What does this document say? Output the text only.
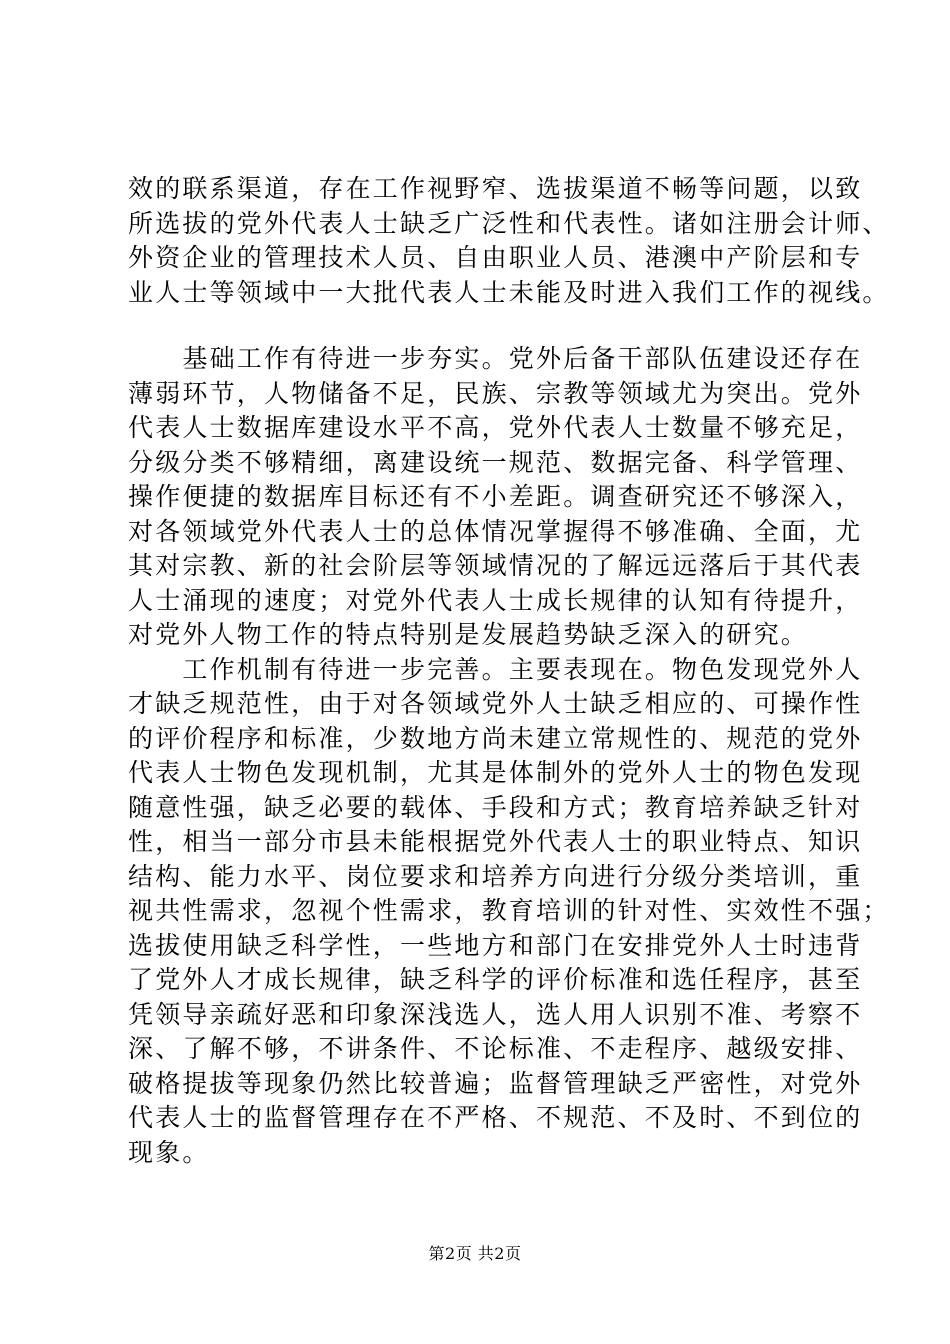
效的联系渠道，存在工作视野窄、选拔渠道不畅等问题，以致
所选拔的党外代表人士缺乏广泛性和代表性。诸如注册会计师、
外资企业的管理技术人员、自由职业人员、港澳中产阶层和专
业人士等领域中一大批代表人士未能及时进入我们工作的视线。
　　基础工作有待进一步夯实。党外后备干部队伍建设还存在
薄弱环节，人物储备不足，民族、宗教等领域尤为突出。党外
代表人士数据库建设水平不高，党外代表人士数量不够充足，
分级分类不够精细，离建设统一规范、数据完备、科学管理、
操作便捷的数据库目标还有不小差距。调查研究还不够深入，
对各领域党外代表人士的总体情况掌握得不够准确、全面，尤
其对宗教、新的社会阶层等领域情况的了解远远落后于其代表
人士涌现的速度；对党外代表人士成长规律的认知有待提升，
对党外人物工作的特点特别是发展趋势缺乏深入的研究。
　　工作机制有待进一步完善。主要表现在。物色发现党外人
才缺乏规范性，由于对各领域党外人士缺乏相应的、可操作性
的评价程序和标准，少数地方尚未建立常规性的、规范的党外
代表人士物色发现机制，尤其是体制外的党外人士的物色发现
随意性强，缺乏必要的载体、手段和方式；教育培养缺乏针对
性，相当一部分市县未能根据党外代表人士的职业特点、知识
结构、能力水平、岗位要求和培养方向进行分级分类培训，重
视共性需求，忽视个性需求，教育培训的针对性、实效性不强；
选拔使用缺乏科学性，一些地方和部门在安排党外人士时违背
了党外人才成长规律，缺乏科学的评价标准和选任程序，甚至
凭领导亲疏好恶和印象深浅选人，选人用人识别不准、考察不
深、了解不够，不讲条件、不论标准、不走程序、越级安排、
破格提拔等现象仍然比较普遍；监督管理缺乏严密性，对党外
代表人士的监督管理存在不严格、不规范、不及时、不到位的
现象。
第2页 共2页
